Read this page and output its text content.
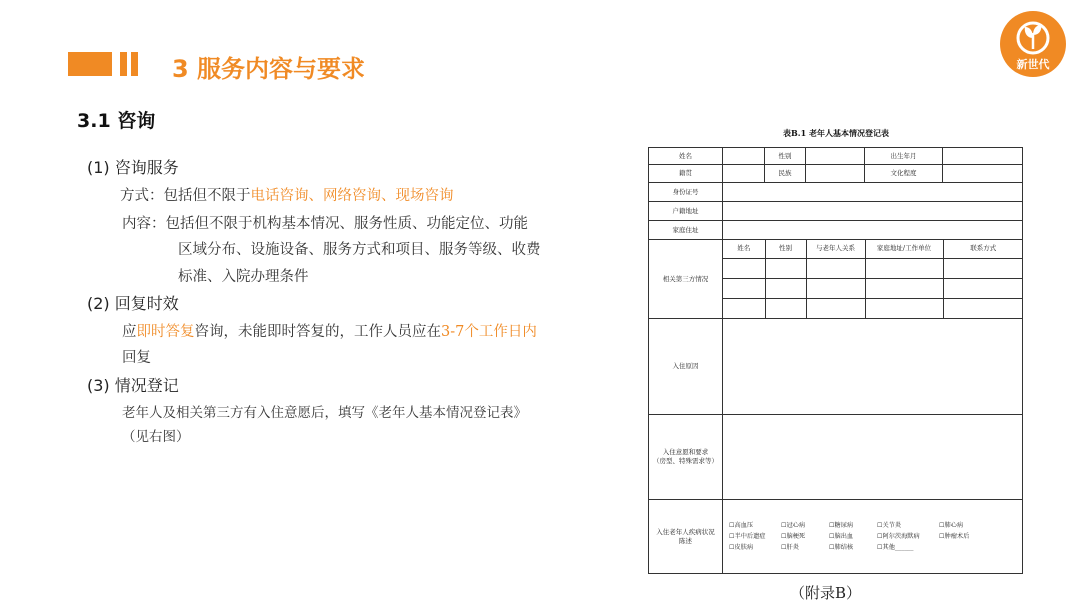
3 服务内容与要求	新世代
3.1 咨询
(1) 咨询服务
方式：包括但不限于电话咨询、网络咨询、现场咨询
内容：包括但不限于机构基本情况、服务性质、功能定位、功能
区域分布、设施设备、服务方式和项目、服务等级、收费
标准、入院办理条件
(2) 回复时效
应即时答复咨询，未能即时答复的，工作人员应在3-7个工作日内
回复
(3) 情况登记
老年人及相关第三方有入住意愿后，填写《老年人基本情况登记表》
（见右图）
表B.1 老年人基本情况登记表
姓名		性别		出生年月	
籍贯		民族		文化程度	
身份证号	
户籍地址	
家庭住址	
相关第三方情况	
姓名	性别	与老年人关系	家庭地址/工作单位	联系方式

入住原因	

入住意愿和要求
（房型、特殊需求等）

入住老年人疾病状况
陈述

☐高血压	☐冠心病	☐糖尿病	☐关节炎	☐肺心病
☐半中后遗症	☐脑梗死	☐脑出血	☐阿尔茨海默病	☐肿瘤术后
☐皮肤病	☐肝炎	☐肺结核	☐其他______
（附录B）
